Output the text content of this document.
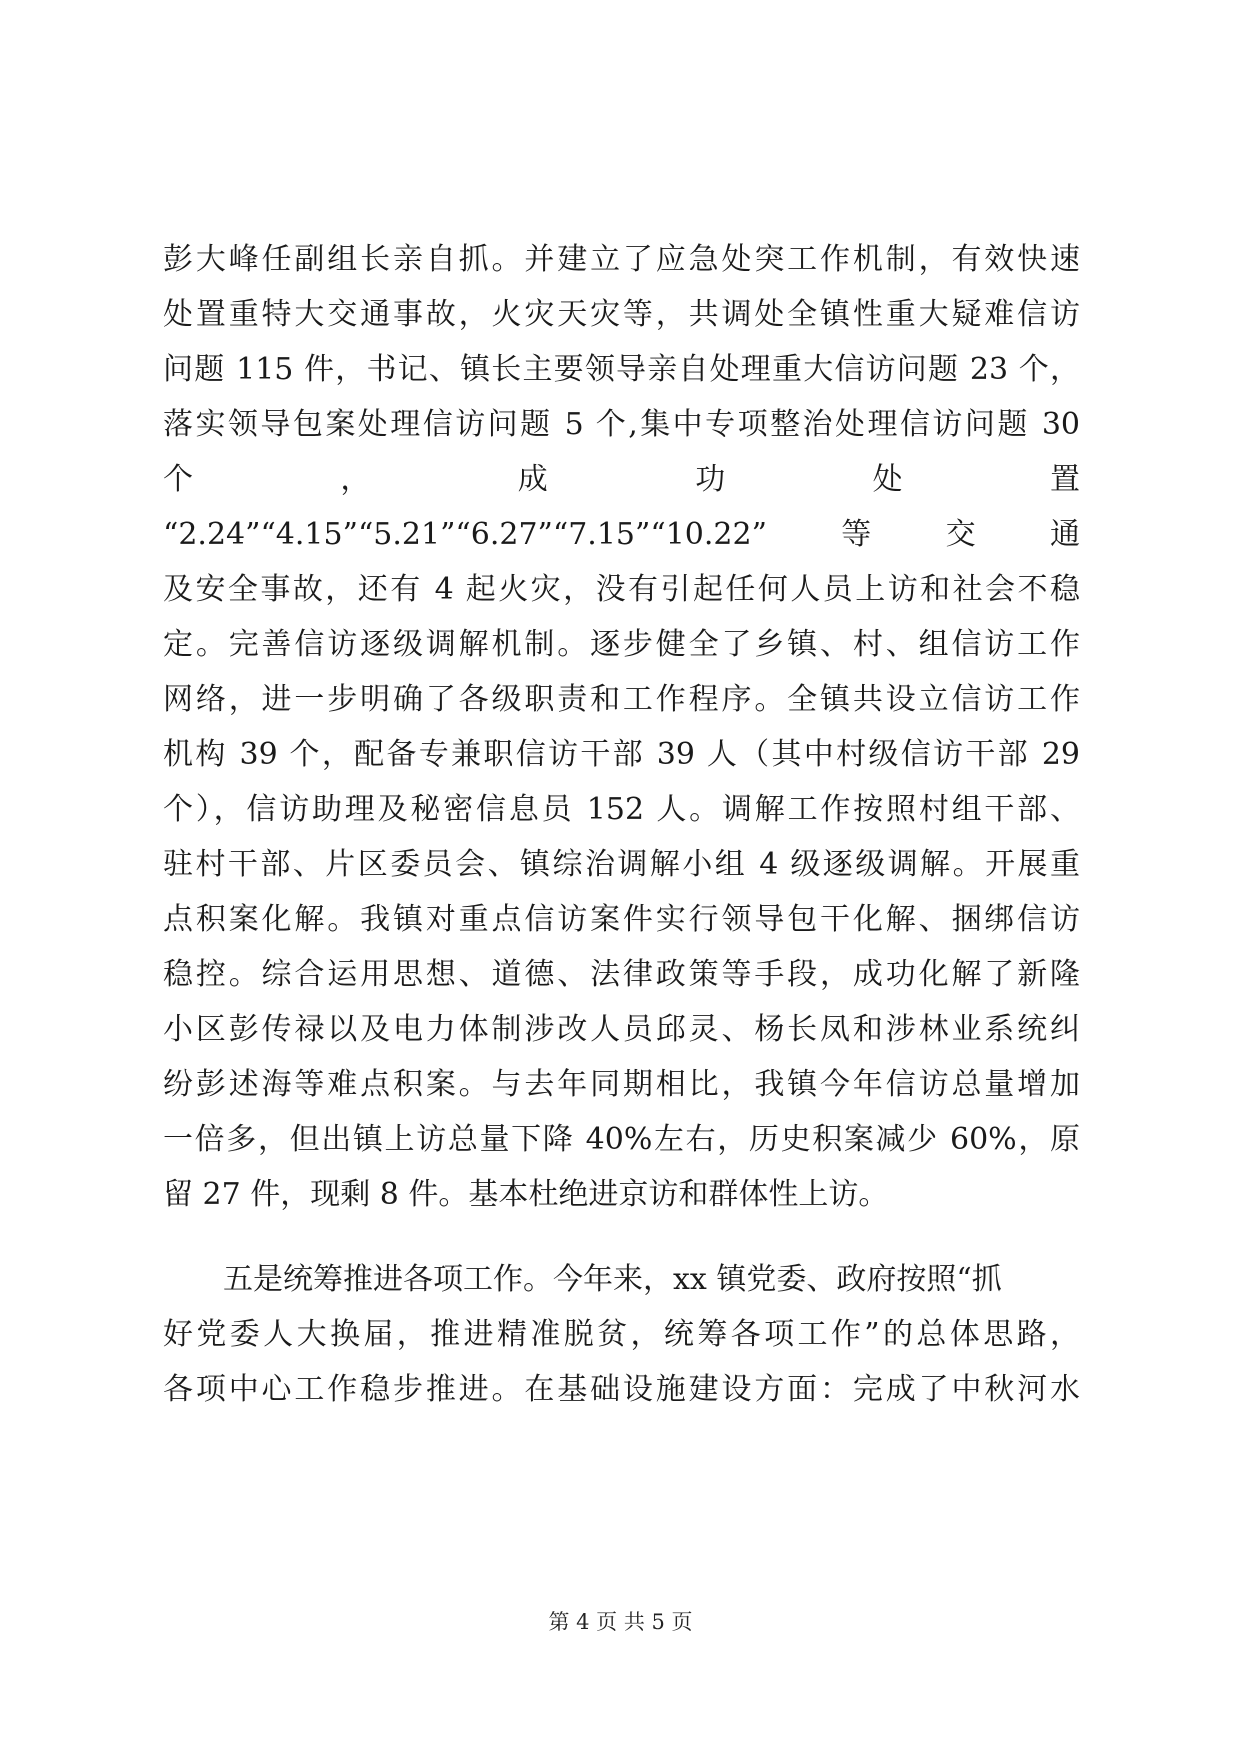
彭大峰任副组长亲自抓。并建立了应急处突工作机制，有效快速
处置重特大交通事故，火灾天灾等，共调处全镇性重大疑难信访
问题 115 件，书记、镇长主要领导亲自处理重大信访问题 23 个，
落实领导包案处理信访问题 5 个,集中专项整治处理信访问题 30
个 ， 成 功 处 置
“2.24”“4.15”“5.21”“6.27”“7.15”“10.22”等交通
及安全事故，还有 4 起火灾，没有引起任何人员上访和社会不稳
定。完善信访逐级调解机制。逐步健全了乡镇、村、组信访工作
网络，进一步明确了各级职责和工作程序。全镇共设立信访工作
机构 39 个，配备专兼职信访干部 39 人（其中村级信访干部 29
个），信访助理及秘密信息员 152 人。调解工作按照村组干部、
驻村干部、片区委员会、镇综治调解小组 4 级逐级调解。开展重
点积案化解。我镇对重点信访案件实行领导包干化解、捆绑信访
稳控。综合运用思想、道德、法律政策等手段，成功化解了新隆
小区彭传禄以及电力体制涉改人员邱灵、杨长凤和涉林业系统纠
纷彭述海等难点积案。与去年同期相比，我镇今年信访总量增加
一倍多，但出镇上访总量下降 40%左右，历史积案减少 60%，原
留 27 件，现剩 8 件。基本杜绝进京访和群体性上访。
五是统筹推进各项工作。今年来，xx 镇党委、政府按照“抓
好党委人大换届，推进精准脱贫，统筹各项工作”的总体思路，
各项中心工作稳步推进。在基础设施建设方面：完成了中秋河水
第 4 页 共 5 页
